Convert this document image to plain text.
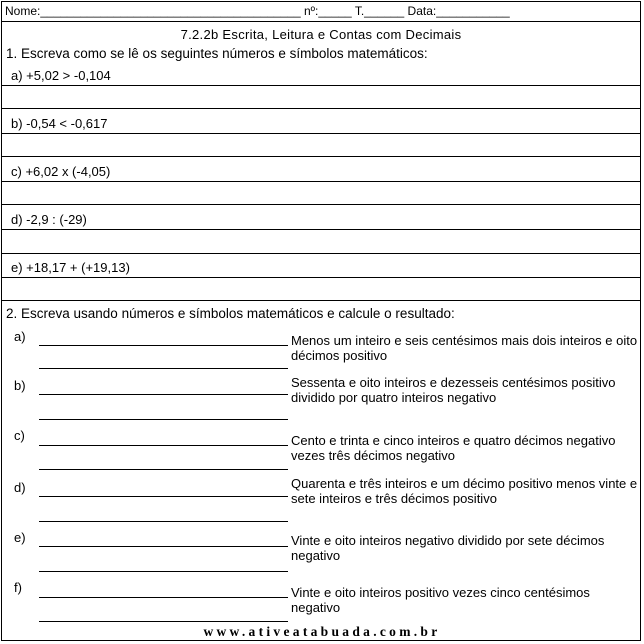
Nome:_______________________________________ nº:_____ T.______ Data:___________
7.2.2b Escrita, Leitura e Contas com Decimais
1. Escreva como se lê os seguintes números e símbolos matemáticos:
a) +5,02 > -0,104
b) -0,54 < -0,617
c) +6,02 x (-4,05)
d) -2,9 : (-29)
e) +18,17 + (+19,13)
2. Escreva usando números e símbolos matemáticos e calcule o resultado:
a)	Menos um inteiro e seis centésimos mais dois inteiros e oito décimos positivo
b)	Sessenta e oito inteiros e dezesseis centésimos positivo dividido por quatro inteiros negativo
c)	Cento e trinta e cinco inteiros e quatro décimos negativo vezes três décimos negativo
d)	Quarenta e três inteiros e um décimo positivo menos vinte e sete inteiros e três décimos positivo
e)	Vinte e oito inteiros negativo dividido por sete décimos negativo
f)	Vinte e oito inteiros positivo vezes cinco centésimos negativo
www.ativeatabuada.com.br
